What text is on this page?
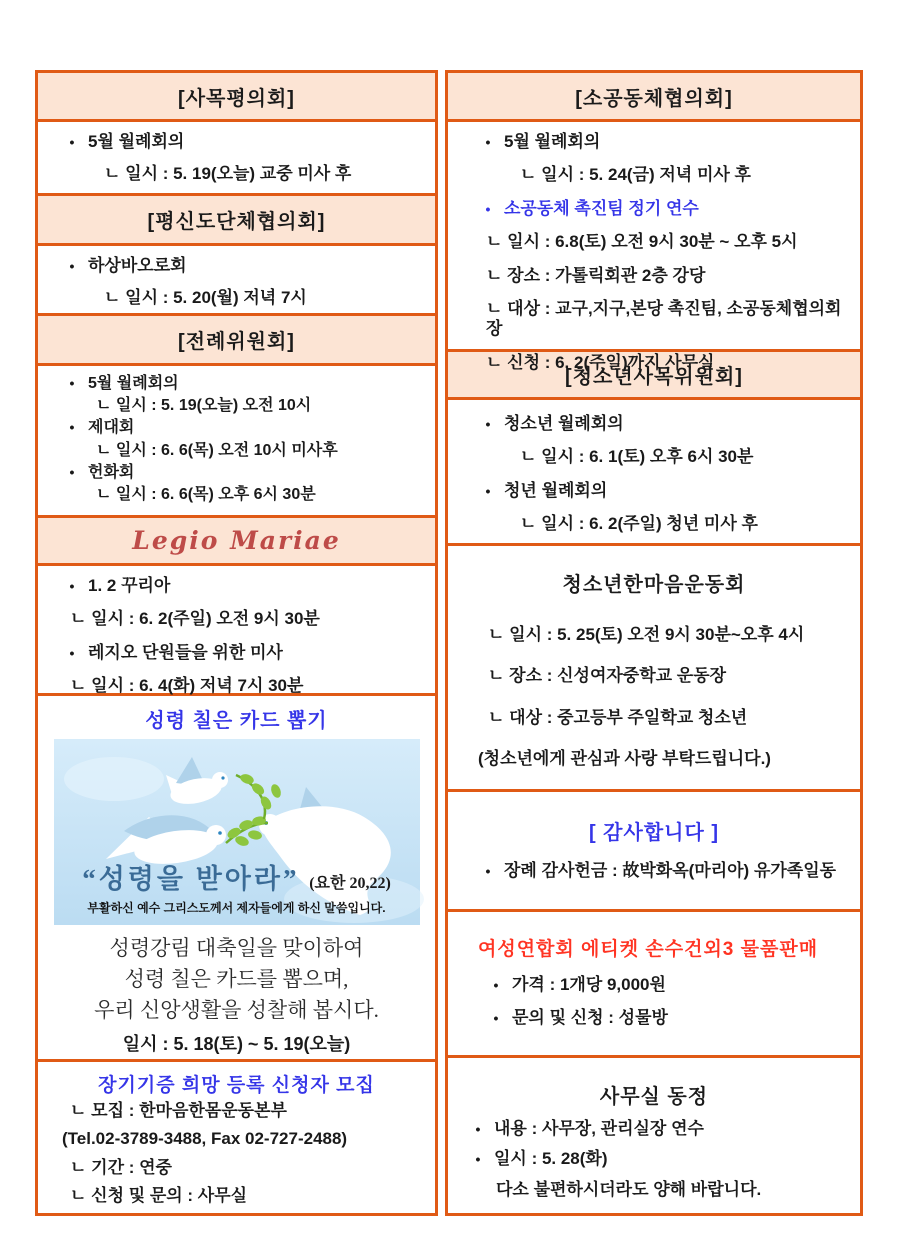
[사목평의회]
• 5월 월례회의
ㄴ 일시 : 5. 19(오늘) 교중 미사 후
[평신도단체협의회]
• 하상바오로회
ㄴ 일시 : 5. 20(월) 저녁 7시
[전례위원회]
• 5월 월례회의
ㄴ 일시 : 5. 19(오늘) 오전 10시
• 제대회
ㄴ 일시 : 6. 6(목) 오전 10시 미사후
• 헌화회
ㄴ 일시 : 6. 6(목) 오후 6시 30분
Legio Mariae
• 1. 2 꾸리아
ㄴ 일시 : 6. 2(주일) 오전 9시 30분
• 레지오 단원들을 위한 미사
ㄴ 일시 : 6. 4(화) 저녁 7시 30분
성령 칠은 카드 뽑기
“성령을 받아라” (요한 20,22)
부활하신 예수 그리스도께서 제자들에게 하신 말씀입니다.
성령강림 대축일을 맞이하여
성령 칠은 카드를 뽑으며,
우리 신앙생활을 성찰해 봅시다.
일시 : 5. 18(토) ~ 5. 19(오늘)
장기기증 희망 등록 신청자 모집
ㄴ 모집 : 한마음한몸운동본부
(Tel.02-3789-3488, Fax 02-727-2488)
ㄴ 기간 : 연중
ㄴ 신청 및 문의 : 사무실
[소공동체협의회]
• 5월 월례회의
ㄴ 일시 : 5. 24(금) 저녁 미사 후
• 소공동체 촉진팀 정기 연수
ㄴ 일시 : 6.8(토) 오전 9시 30분 ~ 오후 5시
ㄴ 장소 : 가톨릭회관 2층 강당
ㄴ 대상 : 교구,지구,본당 촉진팀, 소공동체협의회장
[청소년사목위원회]
• 청소년 월례회의
ㄴ 일시 : 6. 1(토) 오후 6시 30분
• 청년 월례회의
ㄴ 일시 : 6. 2(주일) 청년 미사 후
청소년한마음운동회
ㄴ 일시 : 5. 25(토) 오전 9시 30분~오후 4시
ㄴ 장소 : 신성여자중학교 운동장
ㄴ 대상 : 중고등부 주일학교 청소년
(청소년에게 관심과 사랑 부탁드립니다.)
[ 감사합니다 ]
• 장례 감사헌금 : 故박화옥(마리아) 유가족일동
여성연합회 에티켓 손수건외3 물품판매
• 가격 : 1개당 9,000원
• 문의 및 신청 : 성물방
사무실 동정
• 내용 : 사무장, 관리실장 연수
• 일시 : 5. 28(화)
다소 불편하시더라도 양해 바랍니다.
